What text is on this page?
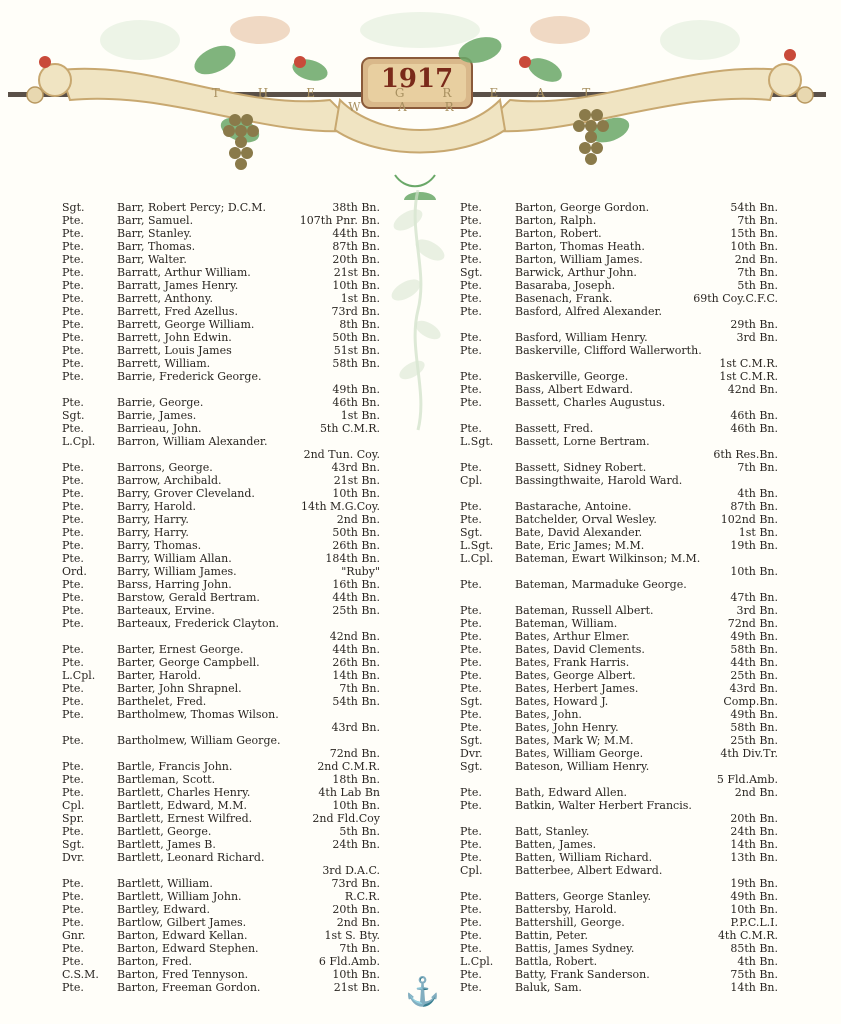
1917
THE GREAT WAR
Sgt.	Barr, Robert Percy; D.C.M.	38th Bn.
Pte.	Barr, Samuel.	107th Pnr. Bn.
Pte.	Barr, Stanley.	44th Bn.
Pte.	Barr, Thomas.	87th Bn.
Pte.	Barr, Walter.	20th Bn.
Pte.	Barratt, Arthur William.	21st Bn.
Pte.	Barratt, James Henry.	10th Bn.
Pte.	Barrett, Anthony.	1st Bn.
Pte.	Barrett, Fred Azellus.	73rd Bn.
Pte.	Barrett, George William.	8th Bn.
Pte.	Barrett, John Edwin.	50th Bn.
Pte.	Barrett, Louis James	51st Bn.
Pte.	Barrett, William.	58th Bn.
Pte.	Barrie, Frederick George.
49th Bn.
Pte.	Barrie, George.	46th Bn.
Sgt.	Barrie, James.	1st Bn.
Pte.	Barrieau, John.	5th C.M.R.
L.Cpl.	Barron, William Alexander.
2nd Tun. Coy.
Pte.	Barrons, George.	43rd Bn.
Pte.	Barrow, Archibald.	21st Bn.
Pte.	Barry, Grover Cleveland.	10th Bn.
Pte.	Barry, Harold.	14th M.G.Coy.
Pte.	Barry, Harry.	2nd Bn.
Pte.	Barry, Harry.	50th Bn.
Pte.	Barry, Thomas.	26th Bn.
Pte.	Barry, William Allan.	184th Bn.
Ord.	Barry, William James.	"Ruby"
Pte.	Barss, Harring John.	16th Bn.
Pte.	Barstow, Gerald Bertram.	44th Bn.
Pte.	Barteaux, Ervine.	25th Bn.
Pte.	Barteaux, Frederick Clayton.
42nd Bn.
Pte.	Barter, Ernest George.	44th Bn.
Pte.	Barter, George Campbell.	26th Bn.
L.Cpl.	Barter, Harold.	14th Bn.
Pte.	Barter, John Shrapnel.	7th Bn.
Pte.	Barthelet, Fred.	54th Bn.
Pte.	Bartholmew, Thomas Wilson.
43rd Bn.
Pte.	Bartholmew, William George.
72nd Bn.
Pte.	Bartle, Francis John.	2nd C.M.R.
Pte.	Bartleman, Scott.	18th Bn.
Pte.	Bartlett, Charles Henry.	4th Lab Bn
Cpl.	Bartlett, Edward, M.M.	10th Bn.
Spr.	Bartlett, Ernest Wilfred.	2nd Fld.Coy
Pte.	Bartlett, George.	5th Bn.
Sgt.	Bartlett, James B.	24th Bn.
Dvr.	Bartlett, Leonard Richard.
3rd D.A.C.
Pte.	Bartlett, William.	73rd Bn.
Pte.	Bartlett, William John.	R.C.R.
Pte.	Bartley, Edward.	20th Bn.
Pte.	Bartlow, Gilbert James.	2nd Bn.
Gnr.	Barton, Edward Kellan.	1st S. Bty.
Pte.	Barton, Edward Stephen.	7th Bn.
Pte.	Barton, Fred.	6 Fld.Amb.
C.S.M.	Barton, Fred Tennyson.	10th Bn.
Pte.	Barton, Freeman Gordon.	21st Bn.
Pte.	Barton, George Gordon.	54th Bn.
Pte.	Barton, Ralph.	7th Bn.
Pte.	Barton, Robert.	15th Bn.
Pte.	Barton, Thomas Heath.	10th Bn.
Pte.	Barton, William James.	2nd Bn.
Sgt.	Barwick, Arthur John.	7th Bn.
Pte.	Basaraba, Joseph.	5th Bn.
Pte.	Basenach, Frank.	69th Coy.C.F.C.
Pte.	Basford, Alfred Alexander.
29th Bn.
Pte.	Basford, William Henry.	3rd Bn.
Pte.	Baskerville, Clifford Wallerworth.
1st C.M.R.
Pte.	Baskerville, George.	1st C.M.R.
Pte.	Bass, Albert Edward.	42nd Bn.
Pte.	Bassett, Charles Augustus.
46th Bn.
Pte.	Bassett, Fred.	46th Bn.
L.Sgt.	Bassett, Lorne Bertram.
6th Res.Bn.
Pte.	Bassett, Sidney Robert.	7th Bn.
Cpl.	Bassingthwaite, Harold Ward.
4th Bn.
Pte.	Bastarache, Antoine.	87th Bn.
Pte.	Batchelder, Orval Wesley.	102nd Bn.
Sgt.	Bate, David Alexander.	1st Bn.
L.Sgt.	Bate, Eric James; M.M.	19th Bn.
L.Cpl.	Bateman, Ewart Wilkinson; M.M.
10th Bn.
Pte.	Bateman, Marmaduke George.
47th Bn.
Pte.	Bateman, Russell Albert.	3rd Bn.
Pte.	Bateman, William.	72nd Bn.
Pte.	Bates, Arthur Elmer.	49th Bn.
Pte.	Bates, David Clements.	58th Bn.
Pte.	Bates, Frank Harris.	44th Bn.
Pte.	Bates, George Albert.	25th Bn.
Pte.	Bates, Herbert James.	43rd Bn.
Sgt.	Bates, Howard J.	Comp.Bn.
Pte.	Bates, John.	49th Bn.
Pte.	Bates, John Henry.	58th Bn.
Sgt.	Bates, Mark W; M.M.	25th Bn.
Dvr.	Bates, William George.	4th Div.Tr.
Sgt.	Bateson, William Henry.
5 Fld.Amb.
Pte.	Bath, Edward Allen.	2nd Bn.
Pte.	Batkin, Walter Herbert Francis.
20th Bn.
Pte.	Batt, Stanley.	24th Bn.
Pte.	Batten, James.	14th Bn.
Pte.	Batten, William Richard.	13th Bn.
Cpl.	Batterbee, Albert Edward.
19th Bn.
Pte.	Batters, George Stanley.	49th Bn.
Pte.	Battersby, Harold.	10th Bn.
Pte.	Battershill, George.	P.P.C.L.I.
Pte.	Battin, Peter.	4th C.M.R.
Pte.	Battis, James Sydney.	85th Bn.
L.Cpl.	Battla, Robert.	4th Bn.
Pte.	Batty, Frank Sanderson.	75th Bn.
Pte.	Baluk, Sam.	14th Bn.
⚓
